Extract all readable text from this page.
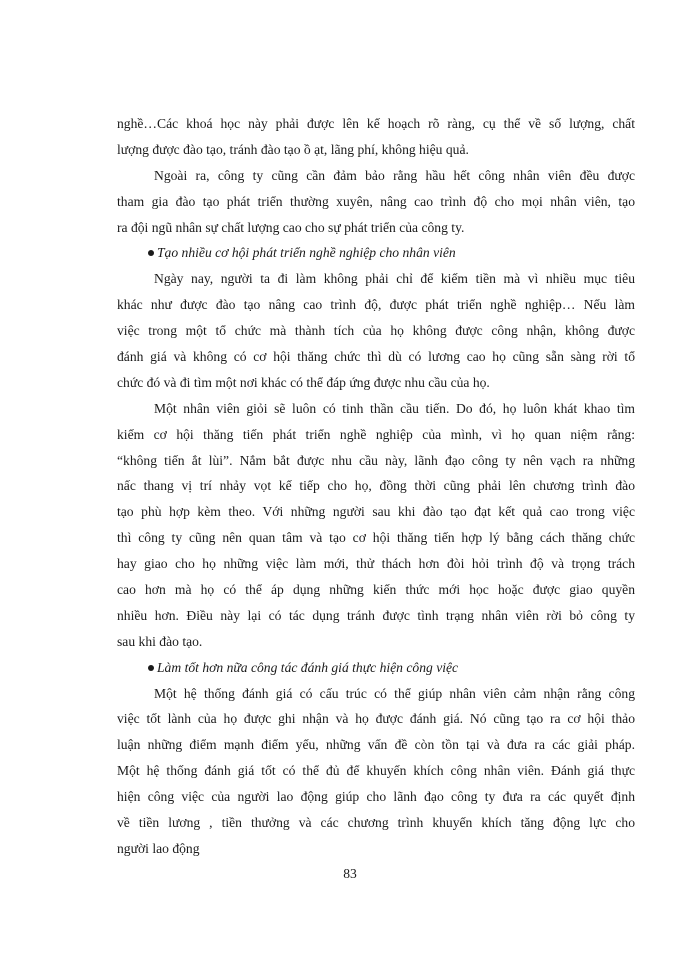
nghề…Các khoá học này phải được lên kế hoạch rõ ràng, cụ thể về số lượng, chất
lượng được đào tạo, tránh đào tạo ồ ạt, lãng phí, không hiệu quả.
Ngoài ra, công ty cũng cần đảm bảo rằng hầu hết công nhân viên đều được
tham gia đào tạo phát triển thường xuyên, nâng cao trình độ cho mọi nhân viên, tạo
ra đội ngũ nhân sự chất lượng cao cho sự phát triển của công ty.
Tạo nhiều cơ hội phát triển nghề nghiệp cho nhân viên
Ngày nay, người ta đi làm không phải chỉ để kiếm tiền mà vì nhiều mục tiêu
khác như được đào tạo nâng cao trình độ, được phát triển nghề nghiệp… Nếu làm
việc trong một tổ chức mà thành tích của họ không được công nhận, không được
đánh giá và không có cơ hội thăng chức thì dù có lương cao họ cũng sẵn sàng rời tổ
chức đó và đi tìm một nơi khác có thể đáp ứng được nhu cầu của họ.
Một nhân viên giỏi sẽ luôn có tinh thần cầu tiến. Do đó, họ luôn khát khao tìm
kiếm cơ hội thăng tiến phát triển nghề nghiệp của mình, vì họ quan niệm rằng:
“không tiến ắt lùi”. Nắm bắt được nhu cầu này, lãnh đạo công ty nên vạch ra những
nấc thang vị trí nhảy vọt kế tiếp cho họ, đồng thời cũng phải lên chương trình đào
tạo phù hợp kèm theo. Với những người sau khi đào tạo đạt kết quả cao trong việc
thì công ty cũng nên quan tâm và tạo cơ hội thăng tiến hợp lý bằng cách thăng chức
hay giao cho họ những việc làm mới, thử thách hơn đòi hỏi trình độ và trọng trách
cao hơn mà họ có thể áp dụng những kiến thức mới học hoặc được giao quyền
nhiều hơn. Điều này lại có tác dụng tránh được tình trạng nhân viên rời bỏ công ty
sau khi đào tạo.
Làm tốt hơn nữa công tác đánh giá thực hiện công việc
Một hệ thống đánh giá có cấu trúc có thể giúp nhân viên cảm nhận rằng công
việc tốt lành của họ được ghi nhận và họ được đánh giá. Nó cũng tạo ra cơ hội thảo
luận những điểm mạnh điểm yếu, những vấn đề còn tồn tại và đưa ra các giải pháp.
Một hệ thống đánh giá tốt có thể đủ để khuyến khích công nhân viên. Đánh giá thực
hiện công việc của người lao động giúp cho lãnh đạo công ty đưa ra các quyết định
về tiền lương , tiền thưởng và các chương trình khuyến khích tăng động lực cho
người lao động
83
